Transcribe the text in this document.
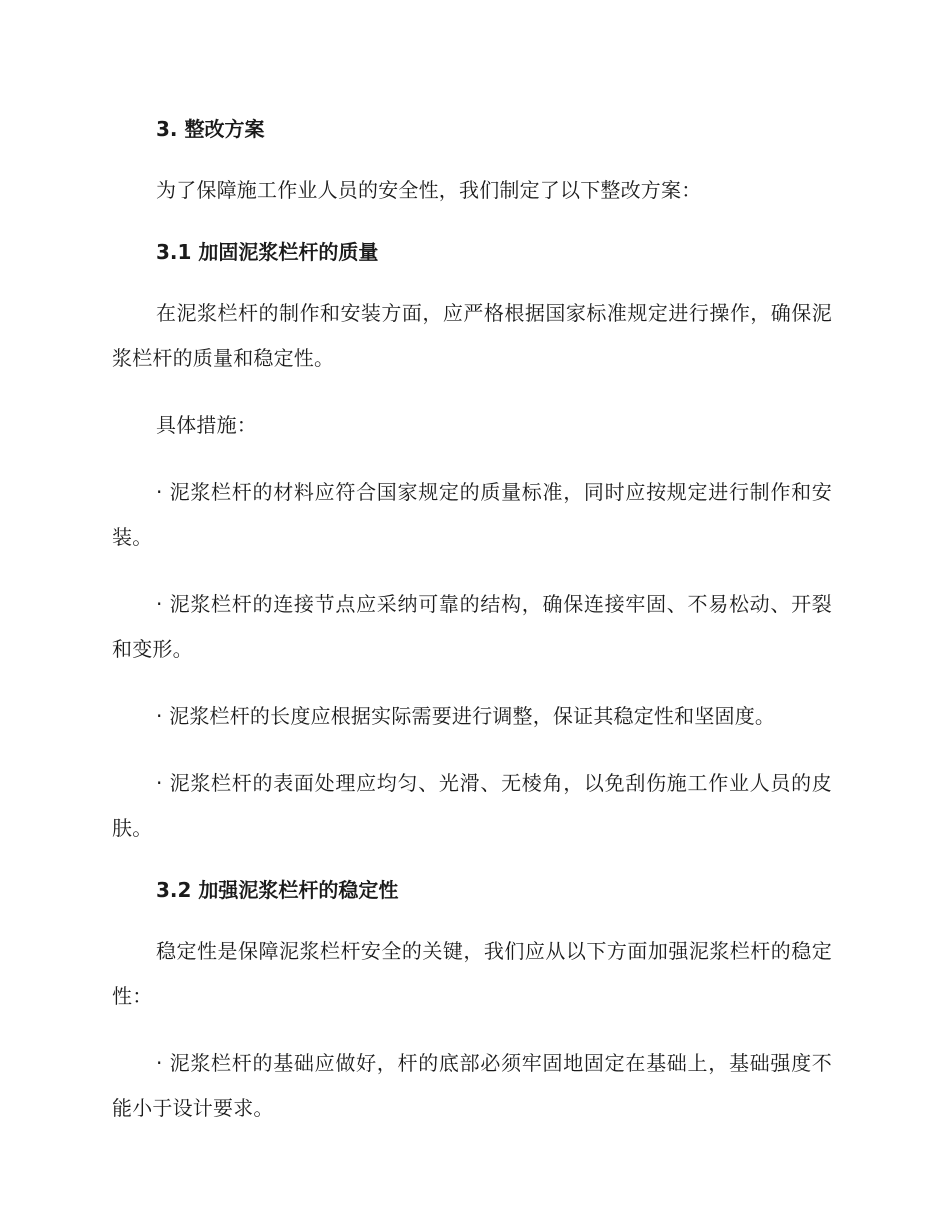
3. 整改方案

为了保障施工作业人员的安全性，我们制定了以下整改方案：

3.1 加固泥浆栏杆的质量

在泥浆栏杆的制作和安装方面，应严格根据国家标准规定进行操作，确保泥浆栏杆的质量和稳定性。

具体措施：

· 泥浆栏杆的材料应符合国家规定的质量标准，同时应按规定进行制作和安装。

· 泥浆栏杆的连接节点应采纳可靠的结构，确保连接牢固、不易松动、开裂和变形。

· 泥浆栏杆的长度应根据实际需要进行调整，保证其稳定性和坚固度。

· 泥浆栏杆的表面处理应均匀、光滑、无棱角，以免刮伤施工作业人员的皮肤。

3.2 加强泥浆栏杆的稳定性

稳定性是保障泥浆栏杆安全的关键，我们应从以下方面加强泥浆栏杆的稳定性：

· 泥浆栏杆的基础应做好，杆的底部必须牢固地固定在基础上，基础强度不能小于设计要求。
